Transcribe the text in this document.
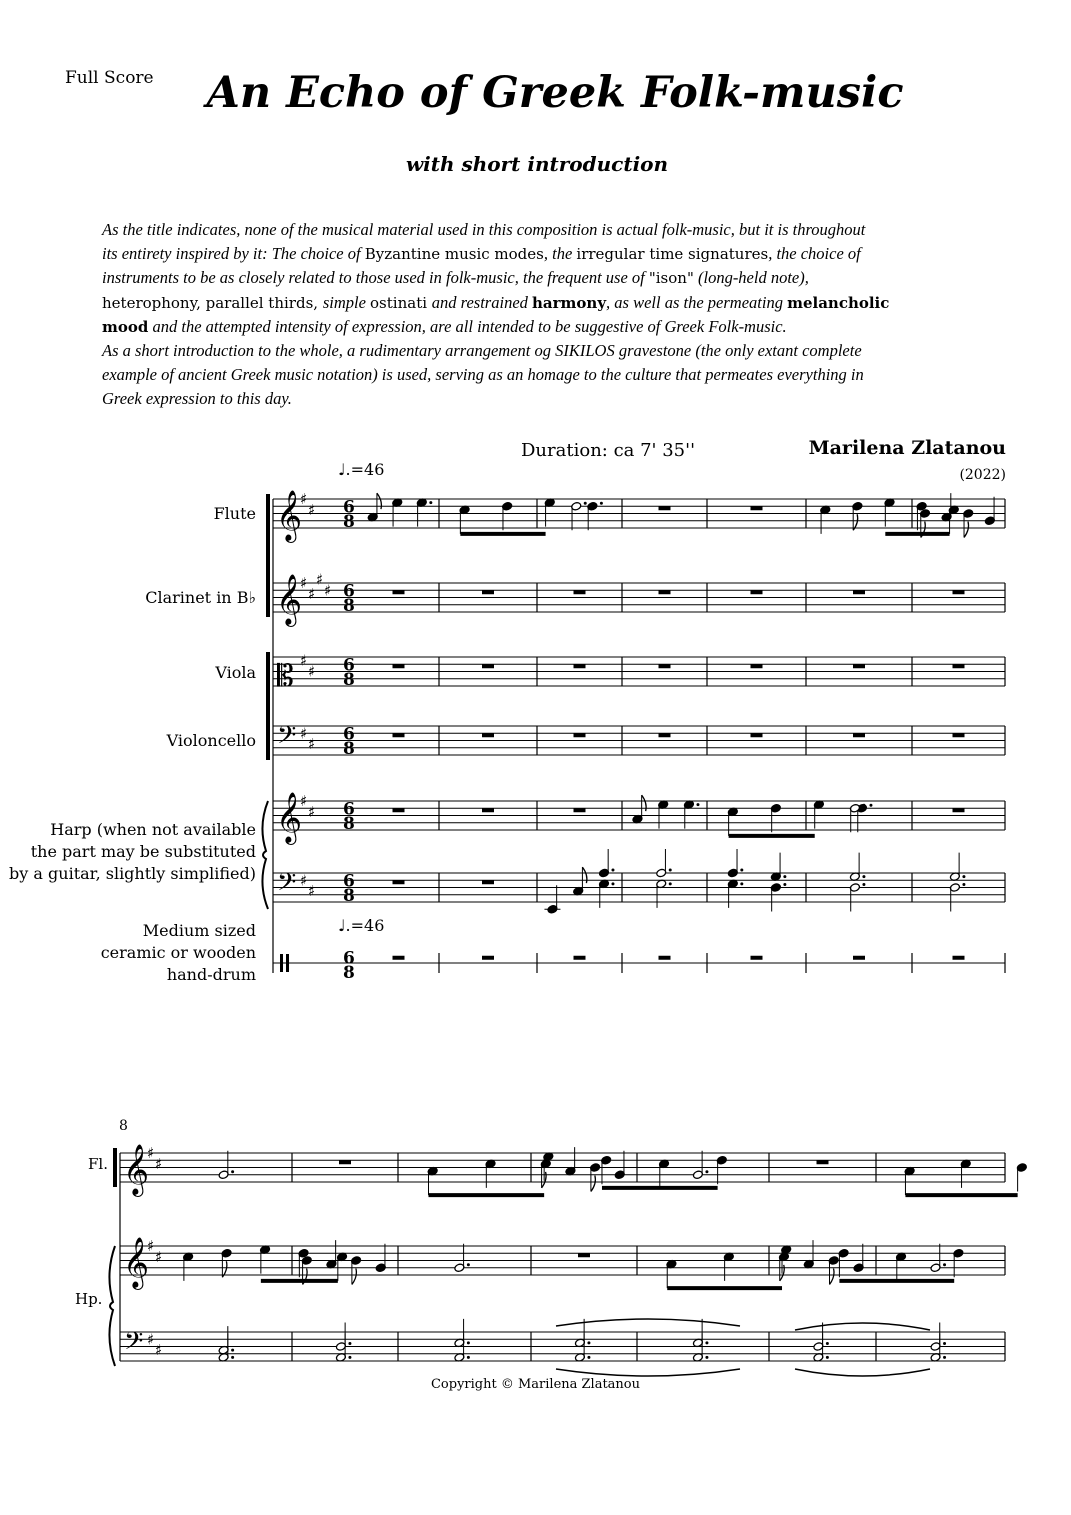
Full Score	An Echo of Greek Folk-music
with short introduction
As the title indicates, none of the musical material used in this composition is actual folk-music, but it is throughout
its entirety inspired by it: The choice of Byzantine music modes, the irregular time signatures, the choice of
instruments to be as closely related to those used in folk-music, the frequent use of "ison" (long-held note),
heterophony, parallel thirds, simple ostinati and restrained harmony, as well as the permeating melancholic
mood and the attempted intensity of expression, are all intended to be suggestive of Greek Folk-music.
As a short introduction to the whole, a rudimentary arrangement og SIKILOS gravestone (the only extant complete
example of ancient Greek music notation) is used, serving as an homage to the culture that permeates everything in
Greek expression to this day.
Duration: ca 7' 35''	Marilena Zlatanou
(2022)
♩.=46
♩.=46
Flute
Clarinet in B♭
Viola
Violoncello
Harp (when not available
the part may be substituted
by a guitar, slightly simplified)
Medium sized
ceramic or wooden
hand-drum
8
Fl.
Hp.
𝄞
♯
♯ 6
8
𝄞
♯
♯
♯
♯ 6
8
𝄡 ♯
♯ 6
8
𝄢 ♯
♯ 6
8
𝄞
♯
♯ 6
8
𝄢 ♯
♯ 6
8
6
8
𝄞
♯
♯
𝄞
♯
♯
𝄢 ♯
♯
Copyright © Marilena Zlatanou
